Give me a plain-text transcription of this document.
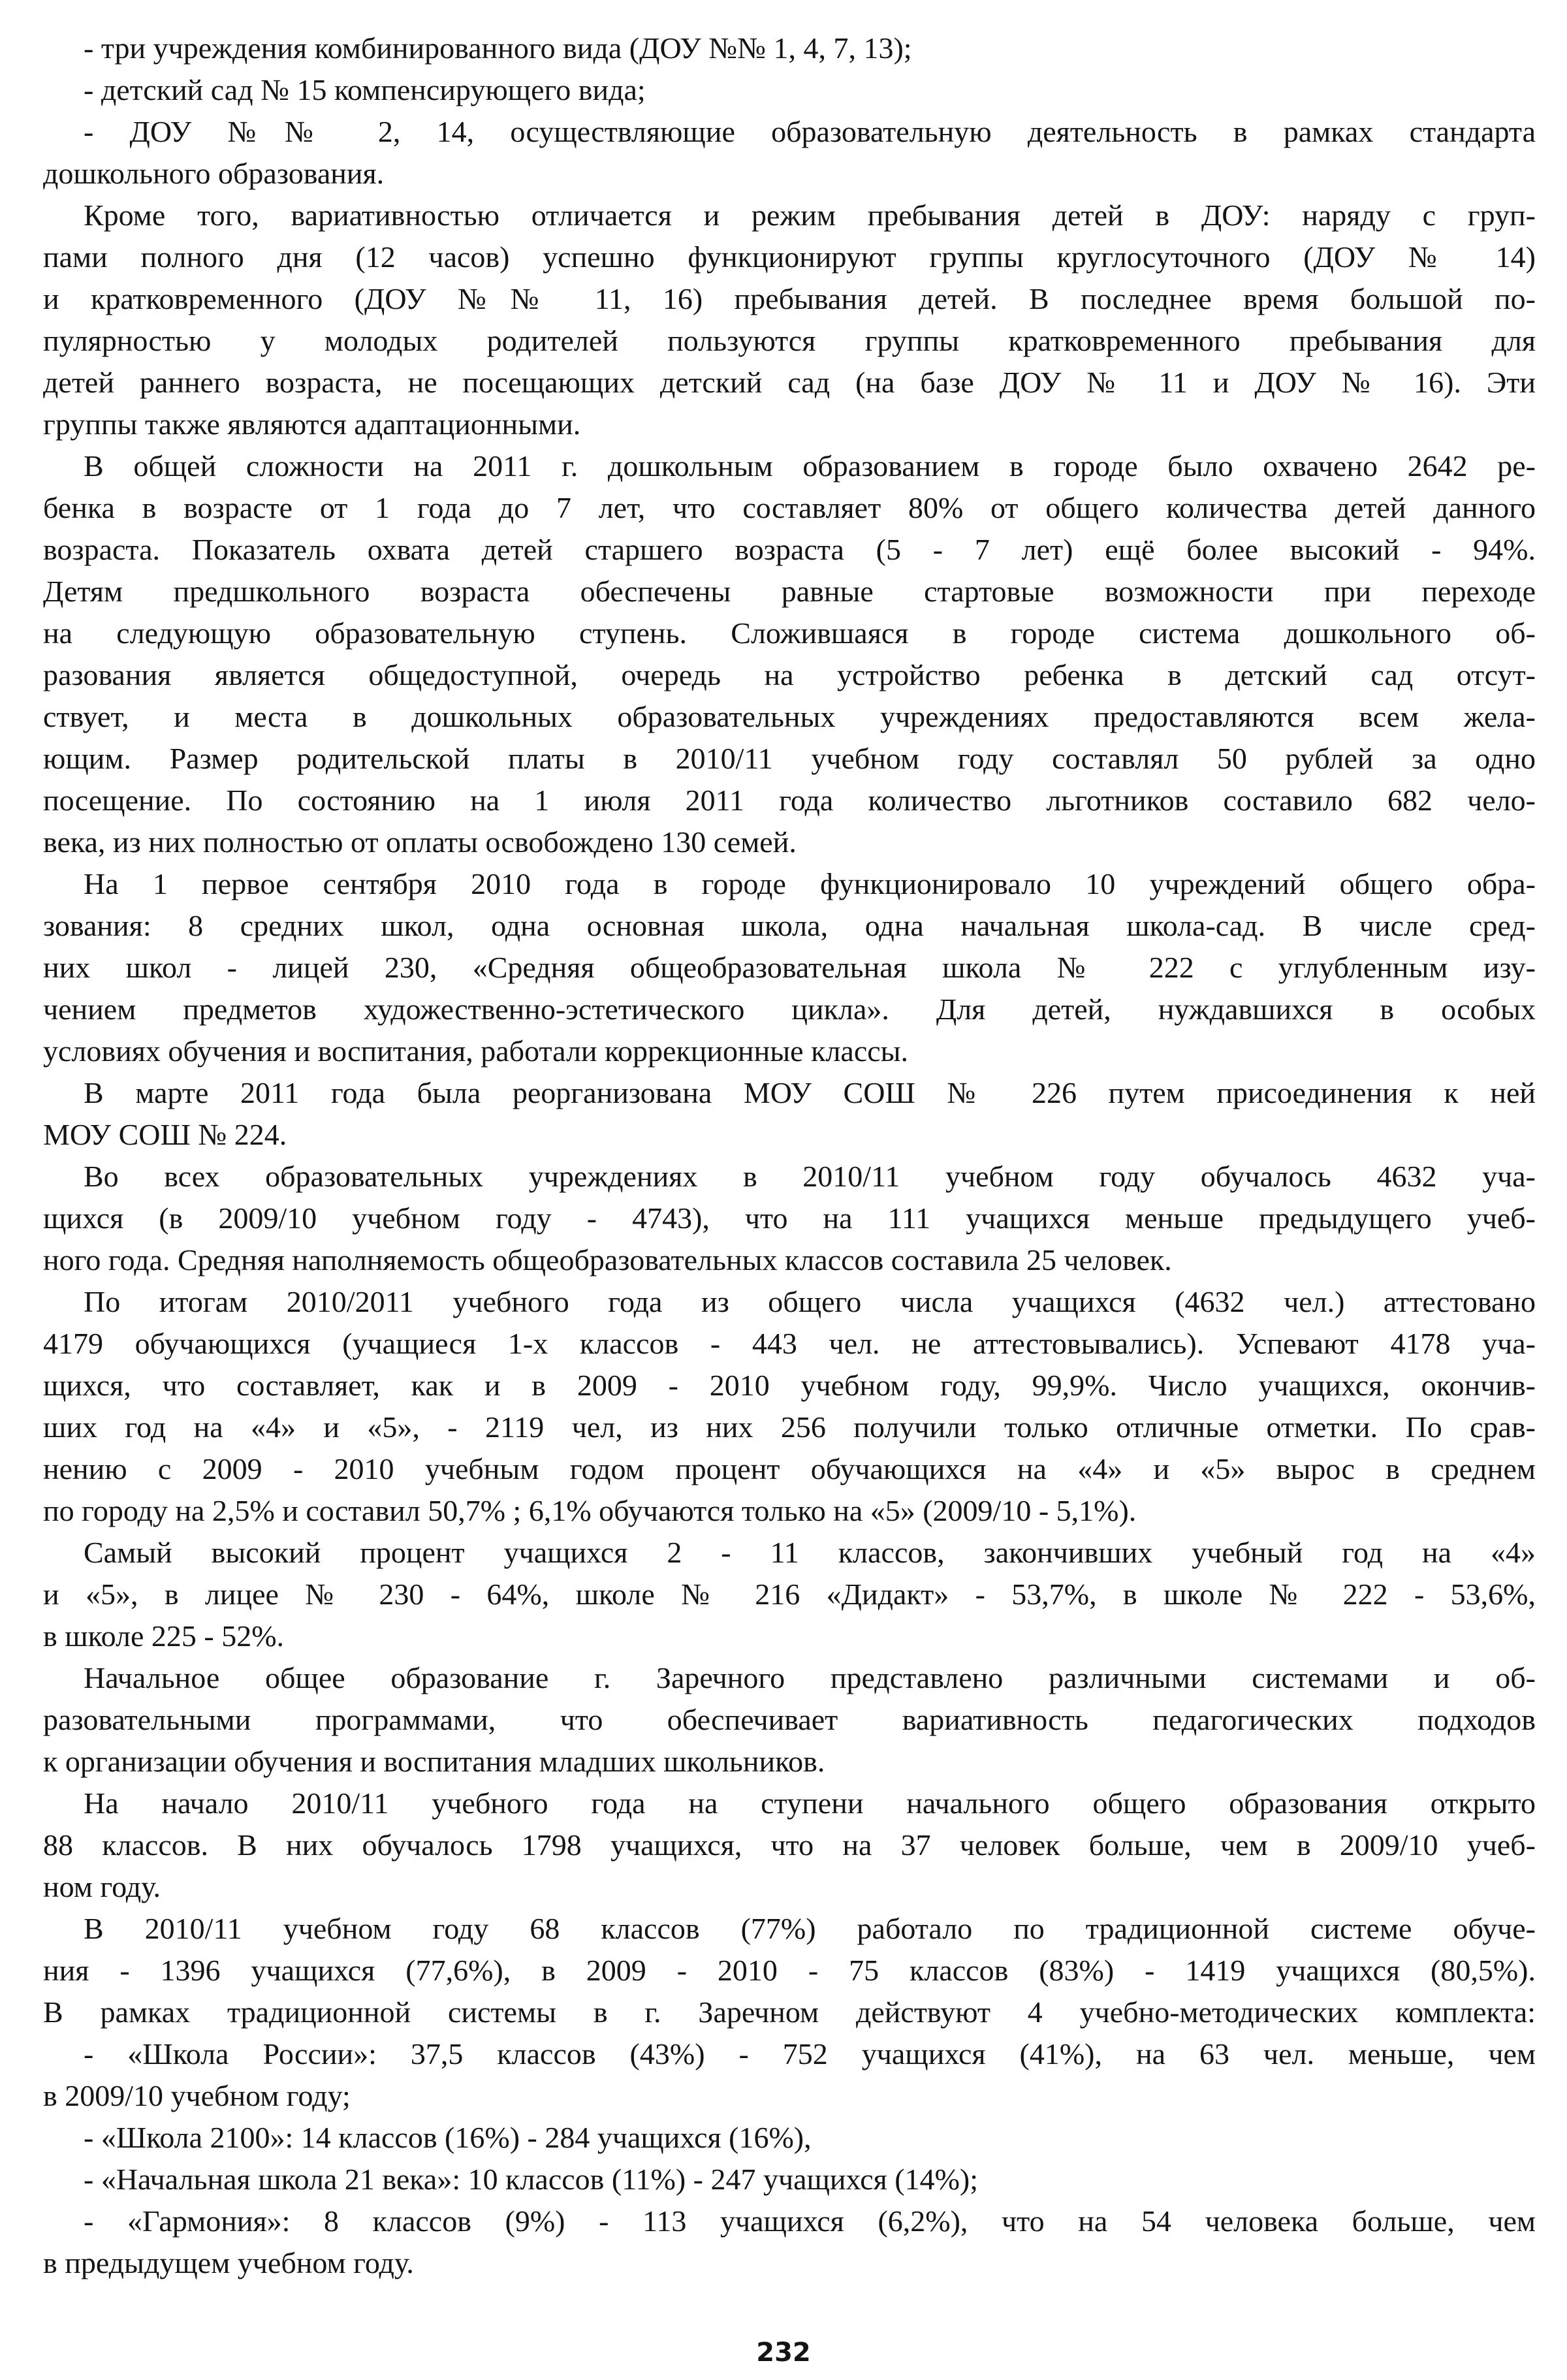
- три учреждения комбинированного вида (ДОУ №№ 1, 4, 7, 13);
- детский сад № 15 компенсирующего вида;
- ДОУ №№ 2, 14, осуществляющие образовательную деятельность в рамках стандарта
дошкольного образования.
Кроме того, вариативностью отличается и режим пребывания детей в ДОУ: наряду с груп-
пами полного дня (12 часов) успешно функционируют группы круглосуточного (ДОУ № 14)
и кратковременного (ДОУ №№ 11, 16) пребывания детей. В последнее время большой по-
пулярностью у молодых родителей пользуются группы кратковременного пребывания для
детей раннего возраста, не посещающих детский сад (на базе ДОУ № 11 и ДОУ № 16). Эти
группы также являются адаптационными.
В общей сложности на 2011 г. дошкольным образованием в городе было охвачено 2642 ре-
бенка в возрасте от 1 года до 7 лет, что составляет 80% от общего количества детей данного
возраста. Показатель охвата детей старшего возраста (5 - 7 лет) ещё более высокий - 94%.
Детям предшкольного возраста обеспечены равные стартовые возможности при переходе
на следующую образовательную ступень. Сложившаяся в городе система дошкольного об-
разования является общедоступной, очередь на устройство ребенка в детский сад отсут-
ствует, и места в дошкольных образовательных учреждениях предоставляются всем жела-
ющим. Размер родительской платы в 2010/11 учебном году составлял 50 рублей за одно
посещение. По состоянию на 1 июля 2011 года количество льготников составило 682 чело-
века, из них полностью от оплаты освобождено 130 семей.
На 1 первое сентября 2010 года в городе функционировало 10 учреждений общего обра-
зования: 8 средних школ, одна основная школа, одна начальная школа-сад. В числе сред-
них школ - лицей 230, «Средняя общеобразовательная школа № 222 с углубленным изу-
чением предметов художественно-эстетического цикла». Для детей, нуждавшихся в особых
условиях обучения и воспитания, работали коррекционные классы.
В марте 2011 года была реорганизована МОУ СОШ № 226 путем присоединения к ней
МОУ СОШ № 224.
Во всех образовательных учреждениях в 2010/11 учебном году обучалось 4632 уча-
щихся (в 2009/10 учебном году - 4743), что на 111 учащихся меньше предыдущего учеб-
ного года. Средняя наполняемость общеобразовательных классов составила 25 человек.
По итогам 2010/2011 учебного года из общего числа учащихся (4632 чел.) аттестовано
4179 обучающихся (учащиеся 1-х классов - 443 чел. не аттестовывались). Успевают 4178 уча-
щихся, что составляет, как и в 2009 - 2010 учебном году, 99,9%. Число учащихся, окончив-
ших год на «4» и «5», - 2119 чел, из них 256 получили только отличные отметки. По срав-
нению с 2009 - 2010 учебным годом процент обучающихся на «4» и «5» вырос в среднем
по городу на 2,5% и составил 50,7% ; 6,1% обучаются только на «5» (2009/10 - 5,1%).
Самый высокий процент учащихся 2 - 11 классов, закончивших учебный год на «4»
и «5», в лицее № 230 - 64%, школе № 216 «Дидакт» - 53,7%, в школе № 222 - 53,6%,
в школе 225 - 52%.
Начальное общее образование г. Заречного представлено различными системами и об-
разовательными программами, что обеспечивает вариативность педагогических подходов
к организации обучения и воспитания младших школьников.
На начало 2010/11 учебного года на ступени начального общего образования открыто
88 классов. В них обучалось 1798 учащихся, что на 37 человек больше, чем в 2009/10 учеб-
ном году.
В 2010/11 учебном году 68 классов (77%) работало по традиционной системе обуче-
ния - 1396 учащихся (77,6%), в 2009 - 2010 - 75 классов (83%) - 1419 учащихся (80,5%).
В рамках традиционной системы в г. Заречном действуют 4 учебно-методических комплекта:
- «Школа России»: 37,5 классов (43%) - 752 учащихся (41%), на 63 чел. меньше, чем
в 2009/10 учебном году;
- «Школа 2100»: 14 классов (16%) - 284 учащихся (16%),
- «Начальная школа 21 века»: 10 классов (11%) - 247 учащихся (14%);
- «Гармония»: 8 классов (9%) - 113 учащихся (6,2%), что на 54 человека больше, чем
в предыдущем учебном году.
232
